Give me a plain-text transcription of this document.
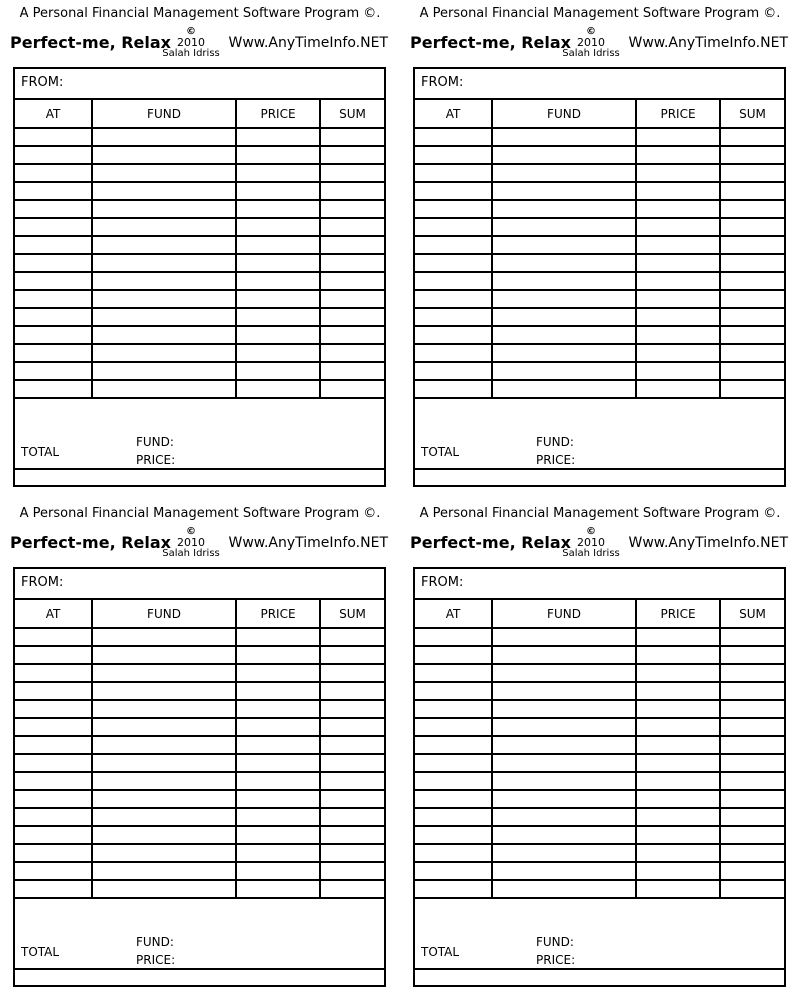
A Personal Financial Management Software Program ©.
Perfect-me, Relax
©
2010
Salah Idriss
Www.AnyTimeInfo.NET
FROM:
AT	FUND	PRICE	SUM

TOTAL
FUND:
PRICE:
A Personal Financial Management Software Program ©.
Perfect-me, Relax
©
2010
Salah Idriss
Www.AnyTimeInfo.NET
FROM:
AT	FUND	PRICE	SUM

TOTAL
FUND:
PRICE:
A Personal Financial Management Software Program ©.
Perfect-me, Relax
©
2010
Salah Idriss
Www.AnyTimeInfo.NET
FROM:
AT	FUND	PRICE	SUM

TOTAL
FUND:
PRICE:
A Personal Financial Management Software Program ©.
Perfect-me, Relax
©
2010
Salah Idriss
Www.AnyTimeInfo.NET
FROM:
AT	FUND	PRICE	SUM

TOTAL
FUND:
PRICE:
